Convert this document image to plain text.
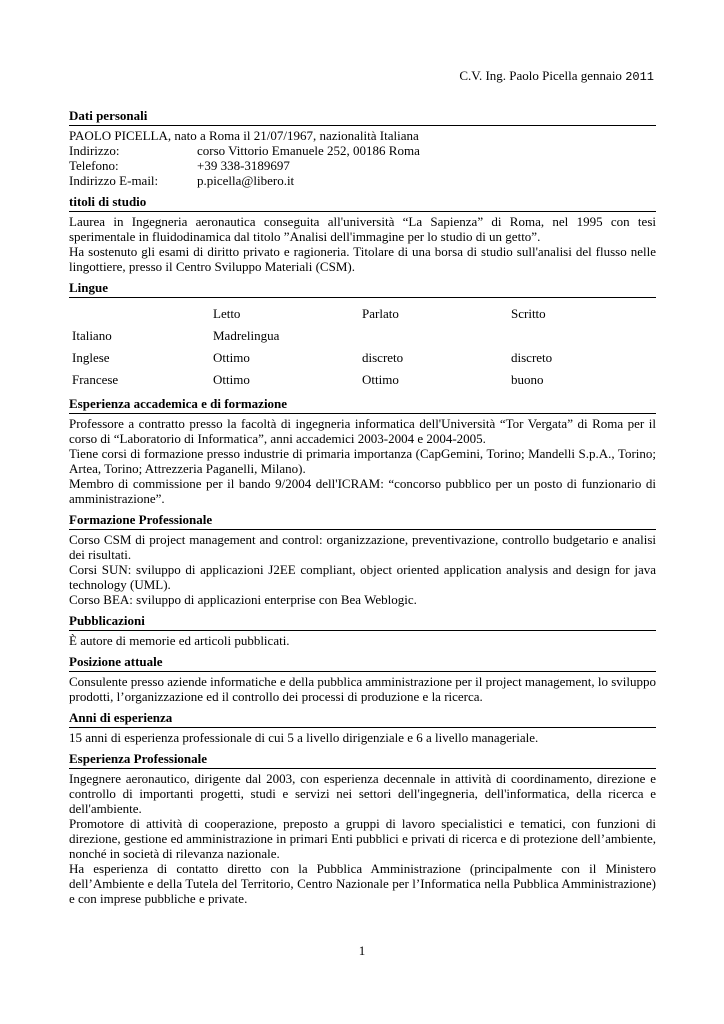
C.V. Ing. Paolo Picella gennaio 2011
Dati personali
PAOLO PICELLA, nato a Roma il 21/07/1967, nazionalità Italiana
Indirizzo:	corso Vittorio Emanuele 252, 00186 Roma
Telefono:	+39 338-3189697
Indirizzo E-mail:	p.picella@libero.it
titoli di studio
Laurea in Ingegneria aeronautica conseguita all'università “La Sapienza” di Roma, nel 1995 con tesi sperimentale in fluidodinamica dal titolo ”Analisi dell'immagine per lo studio di un getto”.
Ha sostenuto gli esami di diritto privato e ragioneria. Titolare di una borsa di studio sull'analisi del flusso nelle lingottiere, presso il Centro Sviluppo Materiali (CSM).
Lingue
	Letto	Parlato	Scritto
Italiano	Madrelingua		
Inglese	Ottimo	discreto	discreto
Francese	Ottimo	Ottimo	buono
Esperienza accademica e di formazione
Professore a contratto presso la facoltà di ingegneria informatica dell'Università “Tor Vergata” di Roma per il corso di “Laboratorio di Informatica”, anni accademici 2003-2004 e 2004-2005.
Tiene corsi di formazione presso industrie di primaria importanza (CapGemini, Torino; Mandelli S.p.A., Torino; Artea, Torino; Attrezzeria Paganelli, Milano).
Membro di commissione per il bando 9/2004 dell'ICRAM: “concorso pubblico per un posto di funzionario di amministrazione”.
Formazione Professionale
Corso CSM di project management and control: organizzazione, preventivazione, controllo budgetario e analisi dei risultati.
Corsi SUN: sviluppo di applicazioni J2EE compliant, object oriented application analysis and design for java technology (UML).
Corso BEA: sviluppo di applicazioni enterprise con Bea Weblogic.
Pubblicazioni
È autore di memorie ed articoli pubblicati.
Posizione attuale
Consulente presso aziende informatiche e della pubblica amministrazione per il project management, lo sviluppo prodotti, l’organizzazione ed il controllo dei processi di produzione e la ricerca.
Anni di esperienza
15 anni di esperienza professionale di cui 5 a livello dirigenziale e 6 a livello manageriale.
Esperienza Professionale
Ingegnere aeronautico, dirigente dal 2003, con esperienza decennale in attività di coordinamento, direzione e controllo di importanti progetti, studi e servizi nei settori dell'ingegneria, dell'informatica, della ricerca e dell'ambiente.
Promotore di attività di cooperazione, preposto a gruppi di lavoro specialistici e tematici, con funzioni di direzione, gestione ed amministrazione in primari Enti pubblici e privati di ricerca e di protezione dell’ambiente, nonché in società di rilevanza nazionale.
Ha esperienza di contatto diretto con la Pubblica Amministrazione (principalmente con il Ministero dell’Ambiente e della Tutela del Territorio, Centro Nazionale per l’Informatica nella Pubblica Amministrazione) e con imprese pubbliche e private.
1
